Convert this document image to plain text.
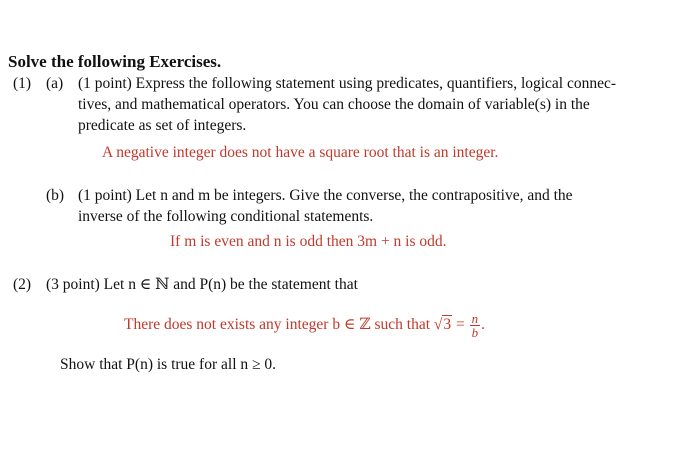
Solve the following Exercises.
(1) (a) (1 point) Express the following statement using predicates, quantifiers, logical connec-
tives, and mathematical operators. You can choose the domain of variable(s) in the
predicate as set of integers.
A negative integer does not have a square root that is an integer.
(b) (1 point) Let n and m be integers. Give the converse, the contrapositive, and the
inverse of the following conditional statements.
If m is even and n is odd then 3m + n is odd.
(2) (3 point) Let n ∈ ℕ and P(n) be the statement that
There does not exists any integer b ∈ ℤ such that $√3 = \frac{n}{b}$ .
Show that P(n) is true for all n ≥ 0.
